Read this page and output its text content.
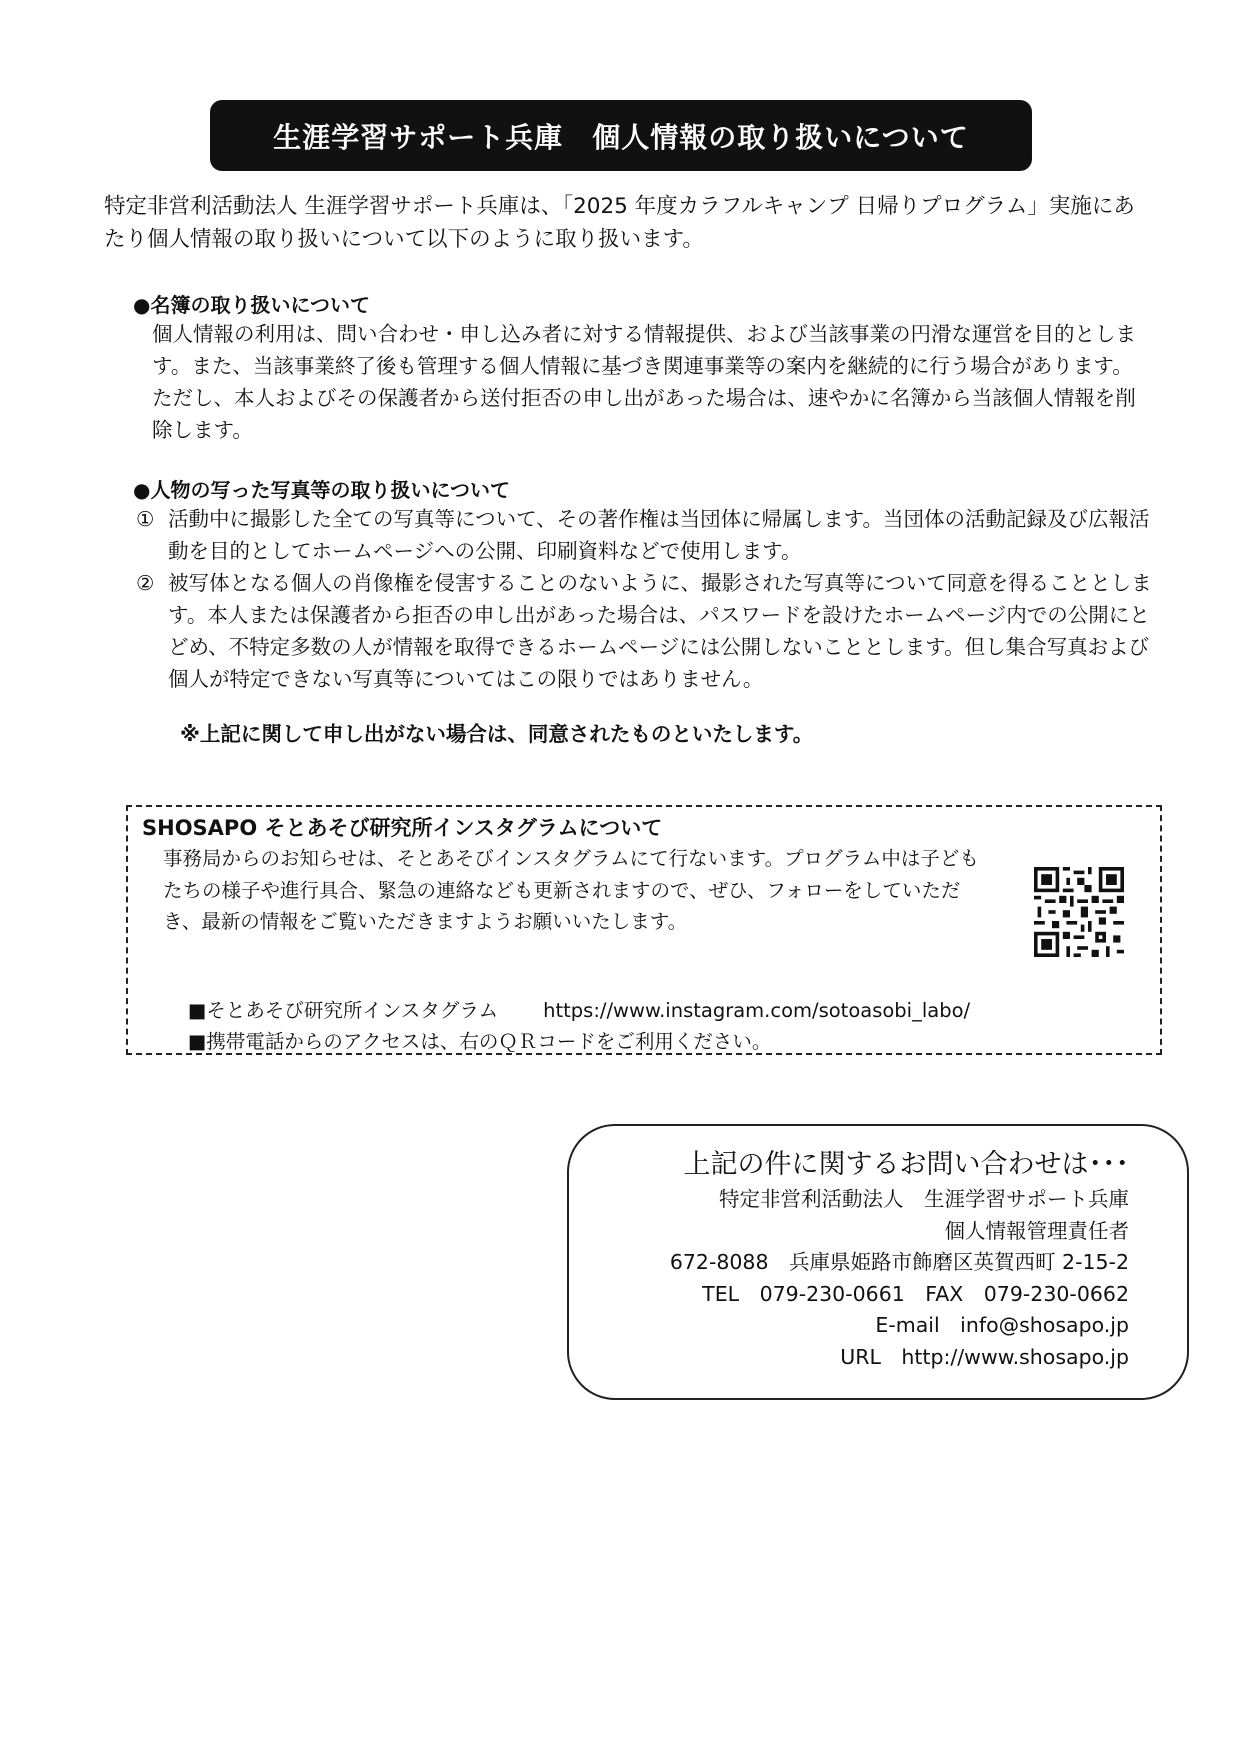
生涯学習サポート兵庫　個人情報の取り扱いについて
特定非営利活動法人 生涯学習サポート兵庫は、「2025 年度カラフルキャンプ 日帰りプログラム」実施にあたり個人情報の取り扱いについて以下のように取り扱います。
●名簿の取り扱いについて
個人情報の利用は、問い合わせ・申し込み者に対する情報提供、および当該事業の円滑な運営を目的とします。また、当該事業終了後も管理する個人情報に基づき関連事業等の案内を継続的に行う場合があります。ただし、本人およびその保護者から送付拒否の申し出があった場合は、速やかに名簿から当該個人情報を削除します。
●人物の写った写真等の取り扱いについて
① 活動中に撮影した全ての写真等について、その著作権は当団体に帰属します。当団体の活動記録及び広報活動を目的としてホームページへの公開、印刷資料などで使用します。
② 被写体となる個人の肖像権を侵害することのないように、撮影された写真等について同意を得ることとします。本人または保護者から拒否の申し出があった場合は、パスワードを設けたホームページ内での公開にとどめ、不特定多数の人が情報を取得できるホームページには公開しないこととします。但し集合写真および個人が特定できない写真等についてはこの限りではありません。
※上記に関して申し出がない場合は、同意されたものといたします。
SHOSAPO そとあそび研究所インスタグラムについて
事務局からのお知らせは、そとあそびインスタグラムにて行ないます。プログラム中は子どもたちの様子や進行具合、緊急の連絡なども更新されますので、ぜひ、フォローをしていただき、最新の情報をご覧いただきますようお願いいたします。
■そとあそび研究所インスタグラム https://www.instagram.com/sotoasobi_labo/
■携帯電話からのアクセスは、右のＱＲコードをご利用ください。
上記の件に関するお問い合わせは･･･
特定非営利活動法人　生涯学習サポート兵庫
個人情報管理責任者
672-8088　兵庫県姫路市飾磨区英賀西町 2-15-2
TEL　079-230-0661　FAX　079-230-0662
E-mail　info@shosapo.jp
URL　http://www.shosapo.jp
